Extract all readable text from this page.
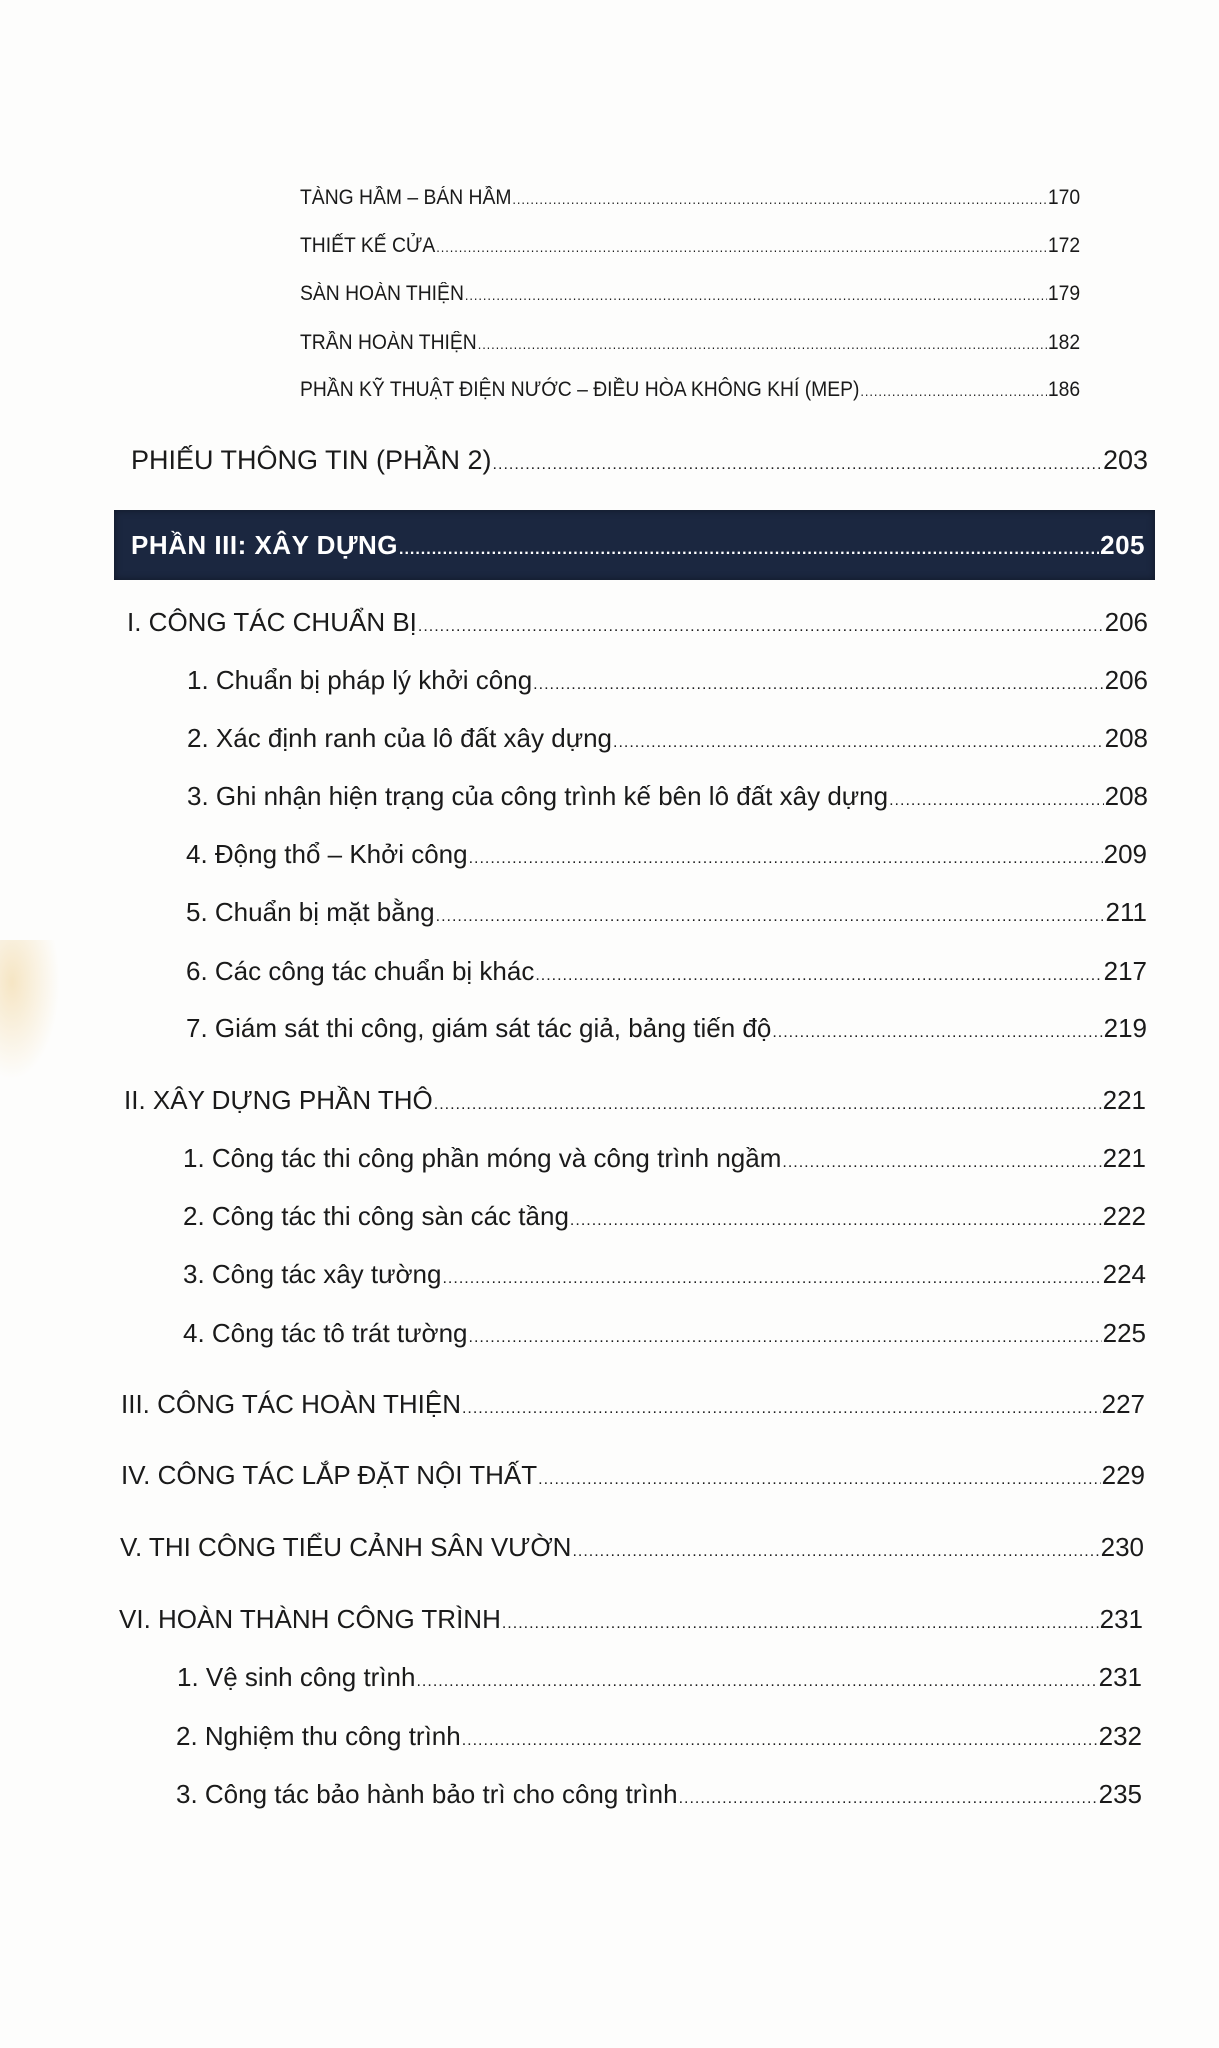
TÀNG HẦM – BÁN HẦM .....	170
THIẾT KẾ CỬA .....	172
SÀN HOÀN THIỆN .....	179
TRẦN HOÀN THIỆN .....	182
PHẦN KỸ THUẬT ĐIỆN NƯỚC – ĐIỀU HÒA KHÔNG KHÍ (MEP) .....	186
PHIẾU THÔNG TIN (PHẦN 2) .....	203
PHẦN III: XÂY DỰNG .....	205
I. CÔNG TÁC CHUẨN BỊ .....	206
1. Chuẩn bị pháp lý khởi công .....	206
2. Xác định ranh của lô đất xây dựng .....	208
3. Ghi nhận hiện trạng của công trình kế bên lô đất xây dựng .....	208
4. Động thổ – Khởi công .....	209
5. Chuẩn bị mặt bằng .....	211
6. Các công tác chuẩn bị khác .....	217
7. Giám sát thi công, giám sát tác giả, bảng tiến độ .....	219
II. XÂY DỰNG PHẦN THÔ .....	221
1. Công tác thi công phần móng và công trình ngầm .....	221
2. Công tác thi công sàn các tầng .....	222
3. Công tác xây tường .....	224
4. Công tác tô trát tường .....	225
III. CÔNG TÁC HOÀN THIỆN .....	227
IV. CÔNG TÁC LẮP ĐẶT NỘI THẤT .....	229
V. THI CÔNG TIỂU CẢNH SÂN VƯỜN .....	230
VI. HOÀN THÀNH CÔNG TRÌNH .....	231
1. Vệ sinh công trình .....	231
2. Nghiệm thu công trình .....	232
3. Công tác bảo hành bảo trì cho công trình .....	235
